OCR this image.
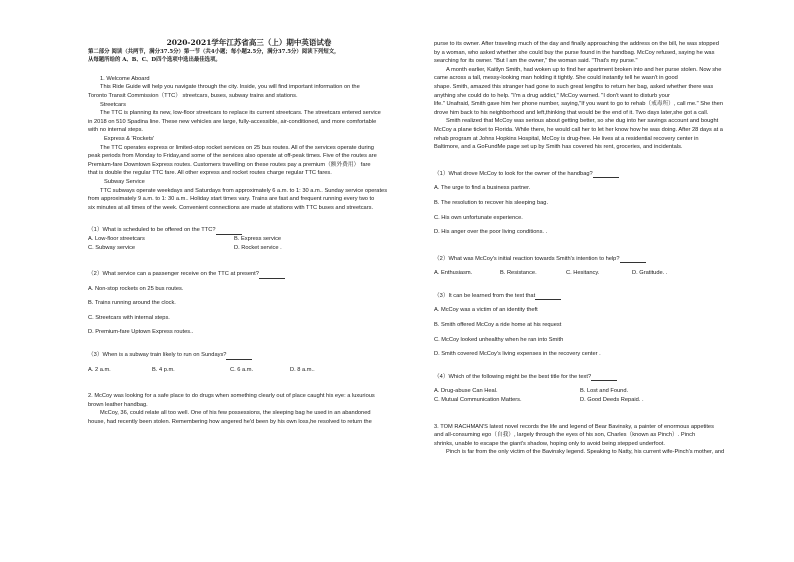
2020-2021学年江苏省高三（上）期中英语试卷
第二部分 阅读（共两节，满分37.5分）第一节（共4小题；每小题2.5分，满分37.5分）阅读下列短文，
从每题所给的 A、B、C、D四个选项中选出最佳选项。
1. Welcome Aboard
This Ride Guide will help you navigate through the city. Inside, you will find important information on the
Toronto Transit Commission（TTC） streetcars, buses, subway trains and stations.
Streetcars
The TTC is planning its new, low-floor streetcars to replace its current streetcars. The streetcars entered service
in 2018 on 510 Spadina line. These new vehicles are large, fully-accessible, air-conditioned, and more comfortable
with no internal steps.
Express & 'Rockets'
The TTC operates express or limited-stop rocket services on 25 bus routes. All of the services operate during
peak periods from Monday to Friday,and some of the services also operate at off-peak times. Five of the routes are
Premium-fare Downtown Express routes. Customers travelling on these routes pay a premium（额外费用） fare
that is double the regular TTC fare. All other express and rocket routes charge regular TTC fares.
Subway Service
TTC subways operate weekdays and Saturdays from approximately 6 a.m. to 1: 30 a.m.. Sunday service operates
from approximately 9 a.m. to 1: 30 a.m.. Holiday start times vary. Trains are fast and frequent running every two to
six minutes at all times of the week. Convenient connections are made at stations with TTC buses and streetcars.
（1）What is scheduled to be offered on the TTC?
A. Low-floor streetcars	B. Express service
C. Subway service	D. Rocket service .
（2）What service can a passenger receive on the TTC at present?
A. Non-stop rockets on 25 bus routes.
B. Trains running around the clock.
C. Streetcars with internal steps.
D. Premium-fare Uptown Express routes..
（3）When is a subway train likely to run on Sundays?
A. 2 a.m.	B. 4 p.m.	C. 6 a.m.	D. 8 a.m..
2. McCoy was looking for a safe place to do drugs when something clearly out of place caught his eye: a luxurious
brown leather handbag.
McCoy, 36, could relate all too well. One of his few possessions, the sleeping bag he used in an abandoned
house, had recently been stolen. Remembering how angered he'd been by his own loss,he resolved to return the
purse to its owner. After traveling much of the day and finally approaching the address on the bill, he was stopped
by a woman, who asked whether she could buy the purse found in the handbag. McCoy refused, saying he was
searching for its owner. "But I am the owner," the woman said. "That's my purse."
A month earlier, Kaitlyn Smith, had woken up to find her apartment broken into and her purse stolen. Now she
came across a tall, messy-looking man holding it tightly. She could instantly tell he wasn't in good
shape. Smith, amazed this stranger had gone to such great lengths to return her bag, asked whether there was
anything she could do to help. "I'm a drug addict," McCoy warned. "I don't want to disturb your
life." Unafraid, Smith gave him her phone number, saying,"If you want to go to rehab（戒毒所）, call me." She then
drove him back to his neighborhood and left,thinking that would be the end of it. Two days later,she got a call.
Smith realized that McCoy was serious about getting better, so she dug into her savings account and bought
McCoy a plane ticket to Florida. While there, he would call her to let her know how he was doing. After 28 days at a
rehab program at Johns Hopkins Hospital, McCoy is drug-free. He lives at a residential recovery center in
Baltimore, and a GoFundMe page set up by Smith has covered his rent, groceries, and incidentals.
（1）What drove McCoy to look for the owner of the handbag?
A. The urge to find a business partner.
B. The resolution to recover his sleeping bag.
C. His own unfortunate experience.
D. His anger over the poor living conditions. .
（2）What was McCoy's initial reaction towards Smith's intention to help?
A. Enthusiasm.	B. Resistance.	C. Hesitancy.	D. Gratitude. .
（3）It can be learned from the text that
A. McCoy was a victim of an identity theft
B. Smith offered McCoy a ride home at his request
C. McCoy looked unhealthy when he ran into Smith
D. Smith covered McCoy's living expenses in the recovery center .
（4）Which of the following might be the best title for the text?
A. Drug-abuse Can Heal.	B. Lost and Found.
C. Mutual Communication Matters.	D. Good Deeds Repaid. .
3. TOM RACHMAN'S latest novel records the life and legend of Bear Bavinsky, a painter of enormous appetites
and all-consuming ego（自我）, largely through the eyes of his son, Charles（known as Pinch）. Pinch
shrinks, unable to escape the giant's shadow, hoping only to avoid being stepped underfoot.
Pinch is far from the only victim of the Bavinsky legend. Speaking to Natty, his current wife-Pinch's mother, and
